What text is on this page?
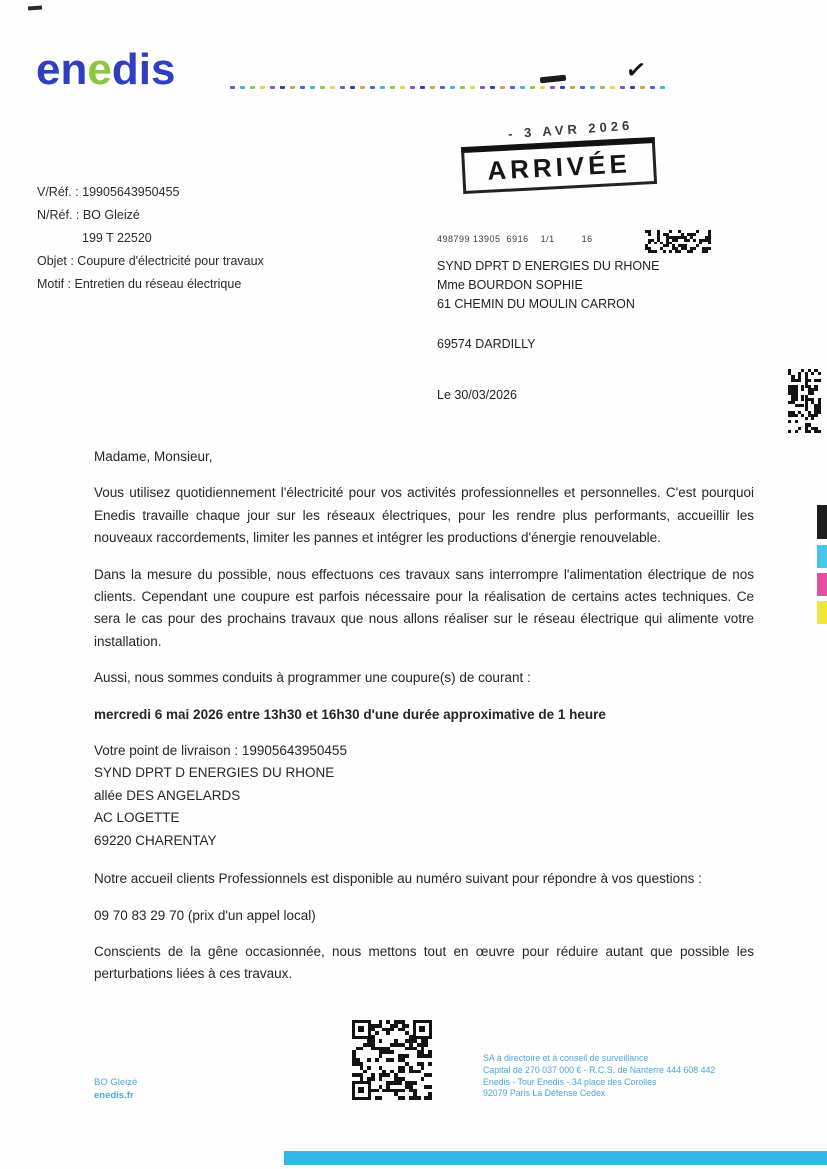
enedis	✓
- 3 AVR 2026
ARRIVÉE
V/Réf. : 19905643950455
N/Réf. : BO Gleizé
199 T 22520
Objet : Coupure d'électricité pour travaux
Motif : Entretien du réseau électrique
498799 13905  6916    1/1         16
SYND DPRT D ENERGIES DU RHONE
Mme BOURDON SOPHIE
61 CHEMIN DU MOULIN CARRON
69574 DARDILLY
Le 30/03/2026

Madame, Monsieur,

Vous utilisez quotidiennement l'électricité pour vos activités professionnelles et personnelles. C'est pourquoi Enedis travaille chaque jour sur les réseaux électriques, pour les rendre plus performants, accueillir les nouveaux raccordements, limiter les pannes et intégrer les productions d'énergie renouvelable.

Dans la mesure du possible, nous effectuons ces travaux sans interrompre l'alimentation électrique de nos clients. Cependant une coupure est parfois nécessaire pour la réalisation de certains actes techniques. Ce sera le cas pour des prochains travaux que nous allons réaliser sur le réseau électrique qui alimente votre installation.

Aussi, nous sommes conduits à programmer une coupure(s) de courant :

mercredi 6 mai 2026 entre 13h30 et 16h30 d'une durée approximative de 1 heure

Votre point de livraison : 19905643950455
SYND DPRT D ENERGIES DU RHONE
allée DES ANGELARDS
AC LOGETTE
69220 CHARENTAY

Notre accueil clients Professionnels est disponible au numéro suivant pour répondre à vos questions :

09 70 83 29 70 (prix d'un appel local)

Conscients de la gêne occasionnée, nous mettons tout en œuvre pour réduire autant que possible les perturbations liées à ces travaux.

SA à directoire et à conseil de surveillance
Capital de 270 037 000 € - R.C.S. de Nanterre 444 608 442
Enedis - Tour Enedis - 34 place des Corolles
92079 Paris La Défense Cedex
BO Gleizé
enedis.fr
